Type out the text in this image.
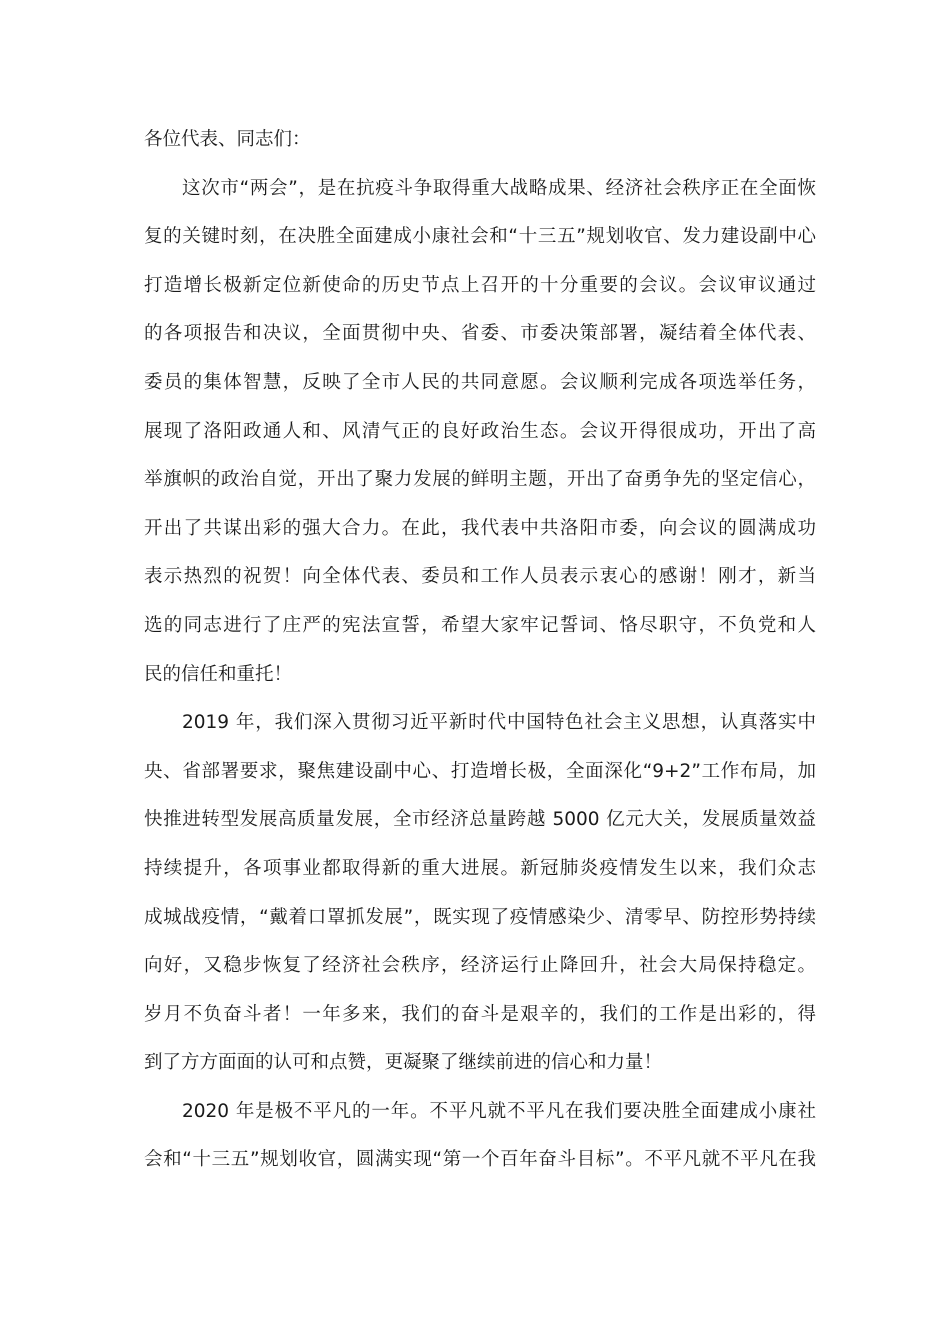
各位代表、同志们：
这次市“两会”，是在抗疫斗争取得重大战略成果、经济社会秩序正在全面恢
复的关键时刻，在决胜全面建成小康社会和“十三五”规划收官、发力建设副中心
打造增长极新定位新使命的历史节点上召开的十分重要的会议。会议审议通过
的各项报告和决议，全面贯彻中央、省委、市委决策部署，凝结着全体代表、
委员的集体智慧，反映了全市人民的共同意愿。会议顺利完成各项选举任务，
展现了洛阳政通人和、风清气正的良好政治生态。会议开得很成功，开出了高
举旗帜的政治自觉，开出了聚力发展的鲜明主题，开出了奋勇争先的坚定信心，
开出了共谋出彩的强大合力。在此，我代表中共洛阳市委，向会议的圆满成功
表示热烈的祝贺！向全体代表、委员和工作人员表示衷心的感谢！刚才，新当
选的同志进行了庄严的宪法宣誓，希望大家牢记誓词、恪尽职守，不负党和人
民的信任和重托！
2019 年，我们深入贯彻习近平新时代中国特色社会主义思想，认真落实中
央、省部署要求，聚焦建设副中心、打造增长极，全面深化“9+2”工作布局，加
快推进转型发展高质量发展，全市经济总量跨越 5000 亿元大关，发展质量效益
持续提升，各项事业都取得新的重大进展。新冠肺炎疫情发生以来，我们众志
成城战疫情，“戴着口罩抓发展”，既实现了疫情感染少、清零早、防控形势持续
向好，又稳步恢复了经济社会秩序，经济运行止降回升，社会大局保持稳定。
岁月不负奋斗者！一年多来，我们的奋斗是艰辛的，我们的工作是出彩的，得
到了方方面面的认可和点赞，更凝聚了继续前进的信心和力量！
2020 年是极不平凡的一年。不平凡就不平凡在我们要决胜全面建成小康社
会和“十三五”规划收官，圆满实现“第一个百年奋斗目标”。不平凡就不平凡在我
